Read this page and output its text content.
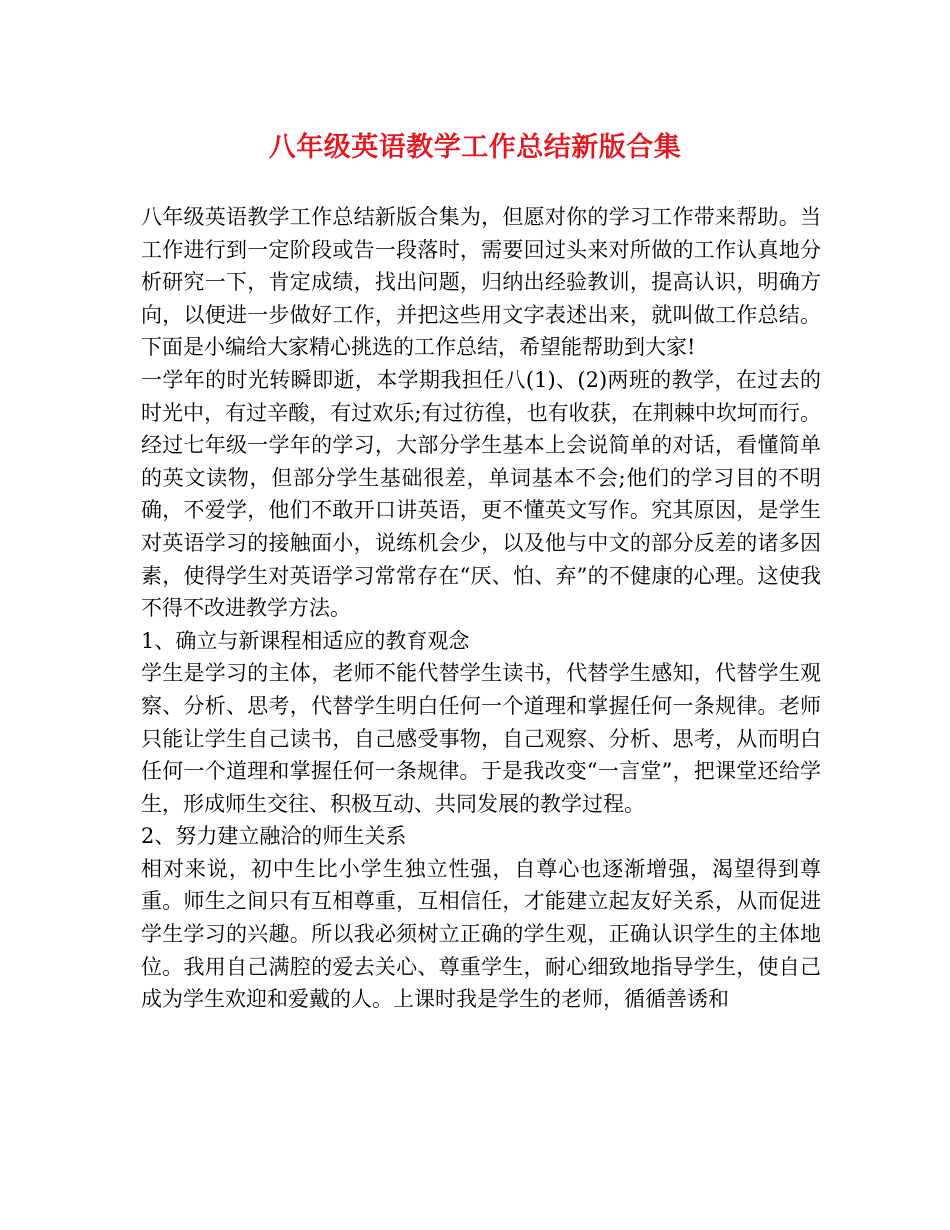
八年级英语教学工作总结新版合集

八年级英语教学工作总结新版合集为，但愿对你的学习工作带来帮助。当工作进行到一定阶段或告一段落时，需要回过头来对所做的工作认真地分析研究一下，肯定成绩，找出问题，归纳出经验教训，提高认识，明确方向，以便进一步做好工作，并把这些用文字表述出来，就叫做工作总结。下面是小编给大家精心挑选的工作总结，希望能帮助到大家!

一学年的时光转瞬即逝，本学期我担任八(1)、(2)两班的教学，在过去的时光中，有过辛酸，有过欢乐;有过彷徨，也有收获，在荆棘中坎坷而行。经过七年级一学年的学习，大部分学生基本上会说简单的对话，看懂简单的英文读物，但部分学生基础很差，单词基本不会;他们的学习目的不明确，不爱学，他们不敢开口讲英语，更不懂英文写作。究其原因，是学生对英语学习的接触面小，说练机会少，以及他与中文的部分反差的诸多因素，使得学生对英语学习常常存在“厌、怕、弃”的不健康的心理。这使我不得不改进教学方法。

1、确立与新课程相适应的教育观念

学生是学习的主体，老师不能代替学生读书，代替学生感知，代替学生观察、分析、思考，代替学生明白任何一个道理和掌握任何一条规律。老师只能让学生自己读书，自己感受事物，自己观察、分析、思考，从而明白任何一个道理和掌握任何一条规律。于是我改变“一言堂”，把课堂还给学生，形成师生交往、积极互动、共同发展的教学过程。

2、努力建立融洽的师生关系

相对来说，初中生比小学生独立性强，自尊心也逐渐增强，渴望得到尊重。师生之间只有互相尊重，互相信任，才能建立起友好关系，从而促进学生学习的兴趣。所以我必须树立正确的学生观，正确认识学生的主体地位。我用自己满腔的爱去关心、尊重学生，耐心细致地指导学生，使自己成为学生欢迎和爱戴的人。上课时我是学生的老师，循循善诱和
